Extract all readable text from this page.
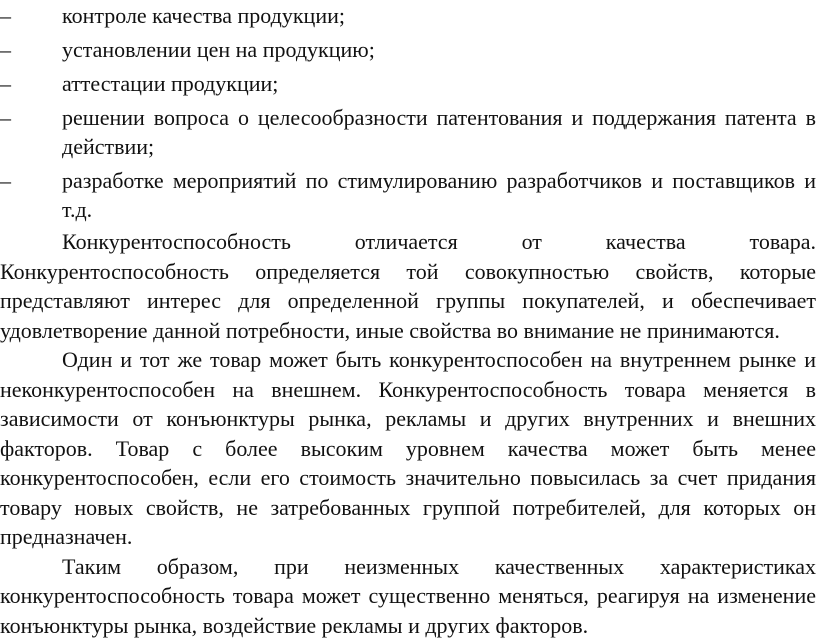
–	контроле качества продукции;
–	установлении цен на продукцию;
–	аттестации продукции;
–	решении вопроса о целесообразности патентования и поддержания патента в действии;
–	разработке мероприятий по стимулированию разработчиков и поставщиков и т.д.

Конкурентоспособность отличается от качества товара. Конкурентоспособность определяется той совокупностью свойств, которые представляют интерес для определенной группы покупателей, и обеспечивает удовлетворение данной потребности, иные свойства во внимание не принимаются.

Один и тот же товар может быть конкурентоспособен на внутреннем рынке и неконкурентоспособен на внешнем. Конкурентоспособность товара меняется в зависимости от конъюнктуры рынка, рекламы и других внутренних и внешних факторов. Товар с более высоким уровнем качества может быть менее конкурентоспособен, если его стоимость значительно повысилась за счет придания товару новых свойств, не затребованных группой потребителей, для которых он предназначен.

Таким образом, при неизменных качественных характеристиках конкурентоспособность товара может существенно меняться, реагируя на изменение конъюнктуры рынка, воздействие рекламы и других факторов.
